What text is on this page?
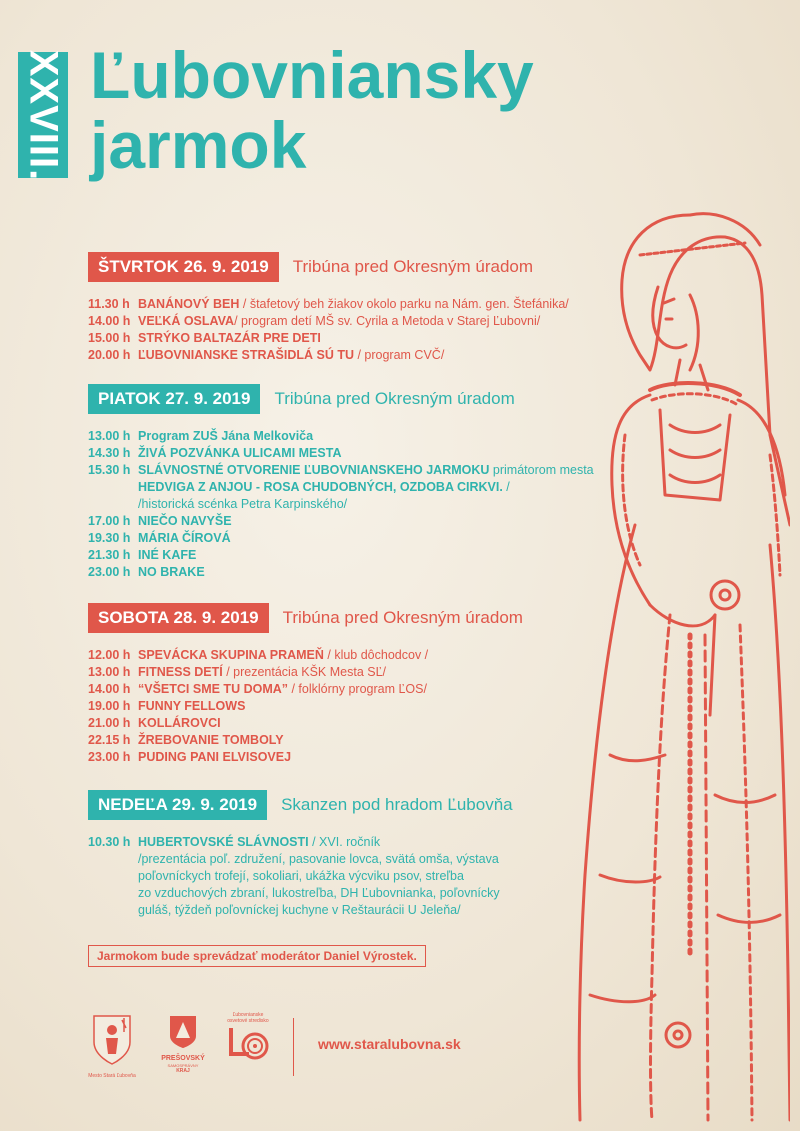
XXVIII. Ľubovniansky
jarmok
ŠTVRTOK 26. 9. 2019	Tribúna pred Okresným úradom
11.30 h BANÁNOVÝ BEH / štafetový beh žiakov okolo parku na Nám. gen. Štefánika/
14.00 h VEĽKÁ OSLAVA/ program detí MŠ sv. Cyrila a Metoda v Starej Ľubovni/
15.00 h STRÝKO BALTAZÁR PRE DETI
20.00 h ĽUBOVNIANSKE STRAŠIDLÁ SÚ TU / program CVČ/
PIATOK 27. 9. 2019	Tribúna pred Okresným úradom
13.00 h Program ZUŠ Jána Melkoviča
14.30 h ŽIVÁ POZVÁNKA ULICAMI MESTA
15.30 h SLÁVNOSTNÉ OTVORENIE ĽUBOVNIANSKEHO JARMOKU primátorom mesta
HEDVIGA Z ANJOU - ROSA CHUDOBNÝCH, OZDOBA CIRKVI. /
/historická scénka Petra Karpinského/
17.00 h NIEČO NAVYŠE
19.30 h MÁRIA ČÍROVÁ
21.30 h INÉ KAFE
23.00 h NO BRAKE
SOBOTA 28. 9. 2019	Tribúna pred Okresným úradom
12.00 h SPEVÁCKA SKUPINA PRAMEŇ / klub dôchodcov /
13.00 h FITNESS DETÍ / prezentácia KŠK Mesta SĽ/
14.00 h “VŠETCI SME TU DOMA” / folklórny program ĽOS/
19.00 h FUNNY FELLOWS
21.00 h KOLLÁROVCI
22.15 h ŽREBOVANIE TOMBOLY
23.00 h PUDING PANI ELVISOVEJ
NEDEĽA 29. 9. 2019	Skanzen pod hradom Ľubovňa
10.30 h HUBERTOVSKÉ SLÁVNOSTI / XVI. ročník
/prezentácia poľ. združení, pasovanie lovca, svätá omša, výstava
poľovníckych trofejí, sokoliari, ukážka výcviku psov, streľba
zo vzduchových zbraní, lukostreľba, DH Ľubovnianka, poľovnícky
guláš, týždeň poľovníckej kuchyne v Reštaurácii U Jeleňa/
Jarmokom bude sprevádzať moderátor Daniel Výrostek.
Mesto Stará Ľubovňa
PREŠOVSKÝ
SAMOSPRÁVNY
KRAJ
Ľubovnianske
osvetové stredisko
www.staralubovna.sk
